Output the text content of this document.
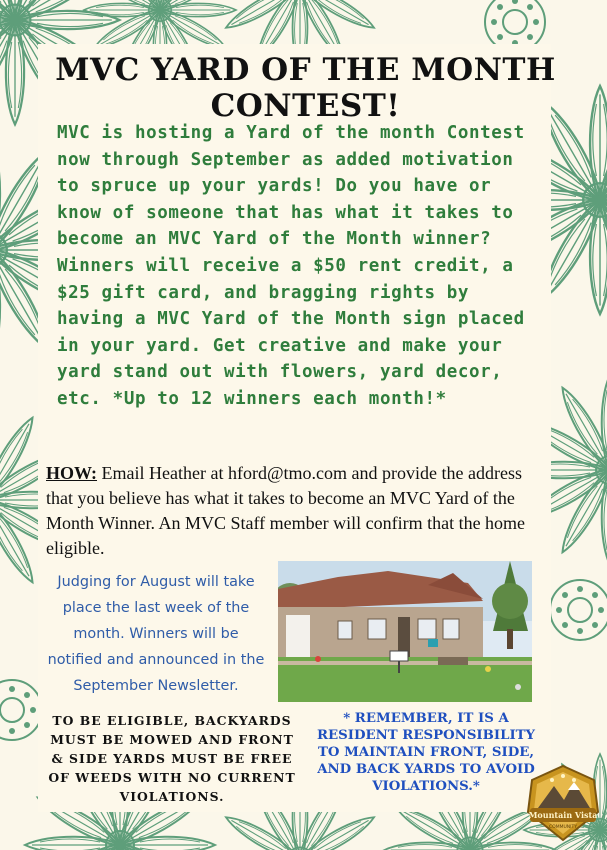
MVC YARD OF THE MONTH CONTEST!
MVC is hosting a Yard of the month Contest now through September as added motivation to spruce up your yards! Do you have or know of someone that has what it takes to become an MVC Yard of the Month winner? Winners will receive a $50 rent credit, a $25 gift card, and bragging rights by having a MVC Yard of the Month sign placed in your yard. Get creative and make your yard stand out with flowers, yard decor, etc. *Up to 12 winners each month!*
HOW: Email Heather at hford@tmo.com and provide the address that you believe has what it takes to become an MVC Yard of the Month Winner. An MVC Staff member will confirm that the home eligible.
Judging for August will take place the last week of the month. Winners will be notified and announced in the September Newsletter.
TO BE ELIGIBLE, BACKYARDS MUST BE MOWED AND FRONT & SIDE YARDS MUST BE FREE OF WEEDS WITH NO CURRENT VIOLATIONS.
* REMEMBER, IT IS A RESIDENT RESPONSIBILITY TO MAINTAIN FRONT, SIDE, AND BACK YARDS TO AVOID VIOLATIONS.*
Mountain Vista
COMMUNITY
